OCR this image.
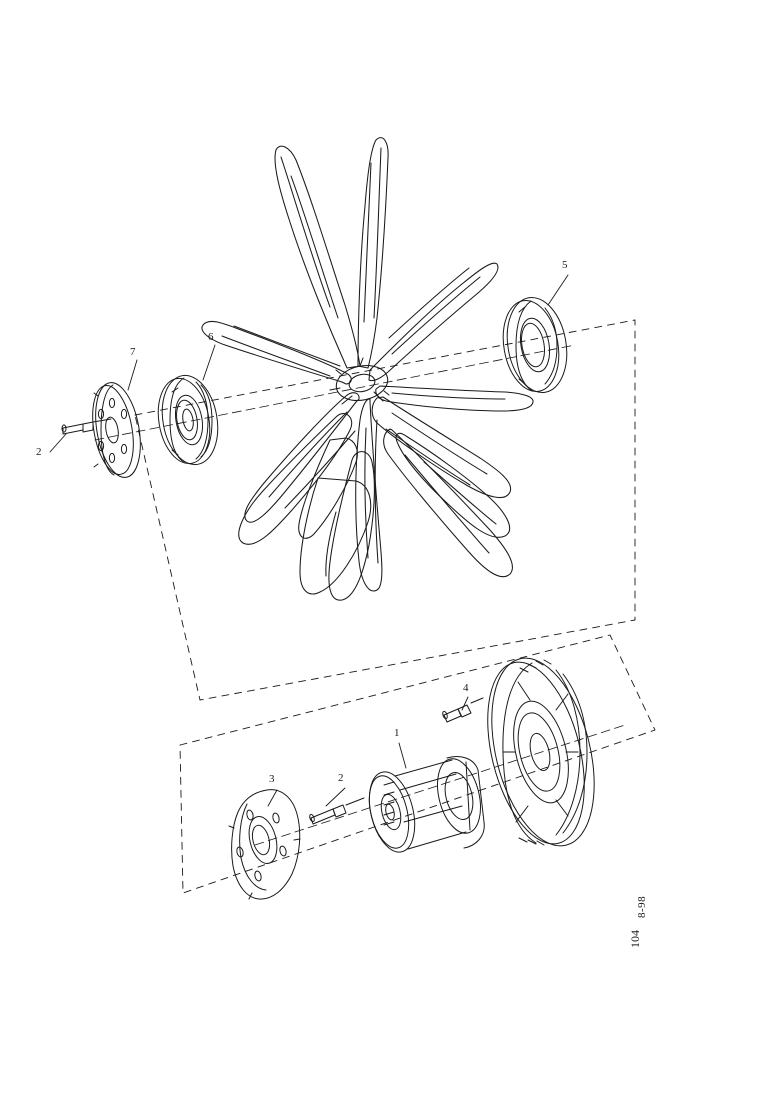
7
6
5
2
3	2
1
4
8-98
104
